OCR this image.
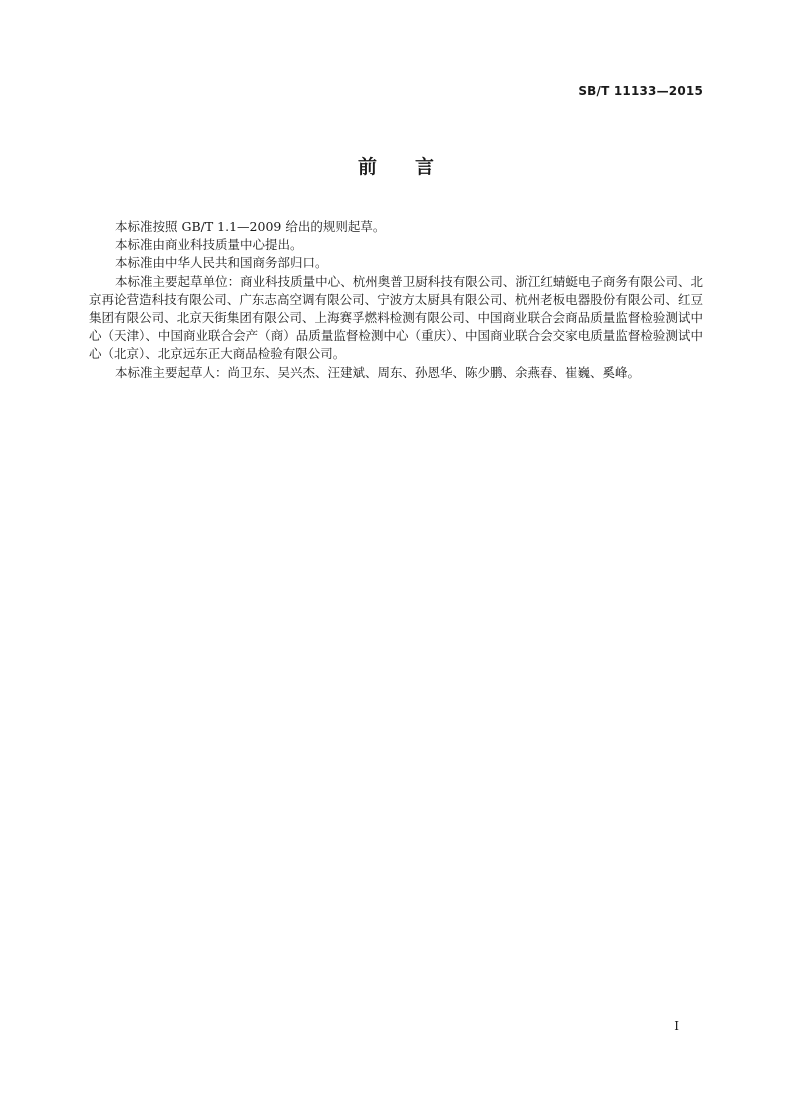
SB/T 11133—2015
前 言

本标准按照 GB/T 1.1—2009 给出的规则起草。

本标准由商业科技质量中心提出。

本标准由中华人民共和国商务部归口。

本标准主要起草单位：商业科技质量中心、杭州奥普卫厨科技有限公司、浙江红蜻蜓电子商务有限公司、北京再论营造科技有限公司、广东志高空调有限公司、宁波方太厨具有限公司、杭州老板电器股份有限公司、红豆集团有限公司、北京天街集团有限公司、上海赛孚燃料检测有限公司、中国商业联合会商品质量监督检验测试中心（天津）、中国商业联合会产（商）品质量监督检测中心（重庆）、中国商业联合会交家电质量监督检验测试中心（北京）、北京远东正大商品检验有限公司。

本标准主要起草人：尚卫东、吴兴杰、汪建斌、周东、孙恩华、陈少鹏、余燕春、崔巍、奚峰。

I
